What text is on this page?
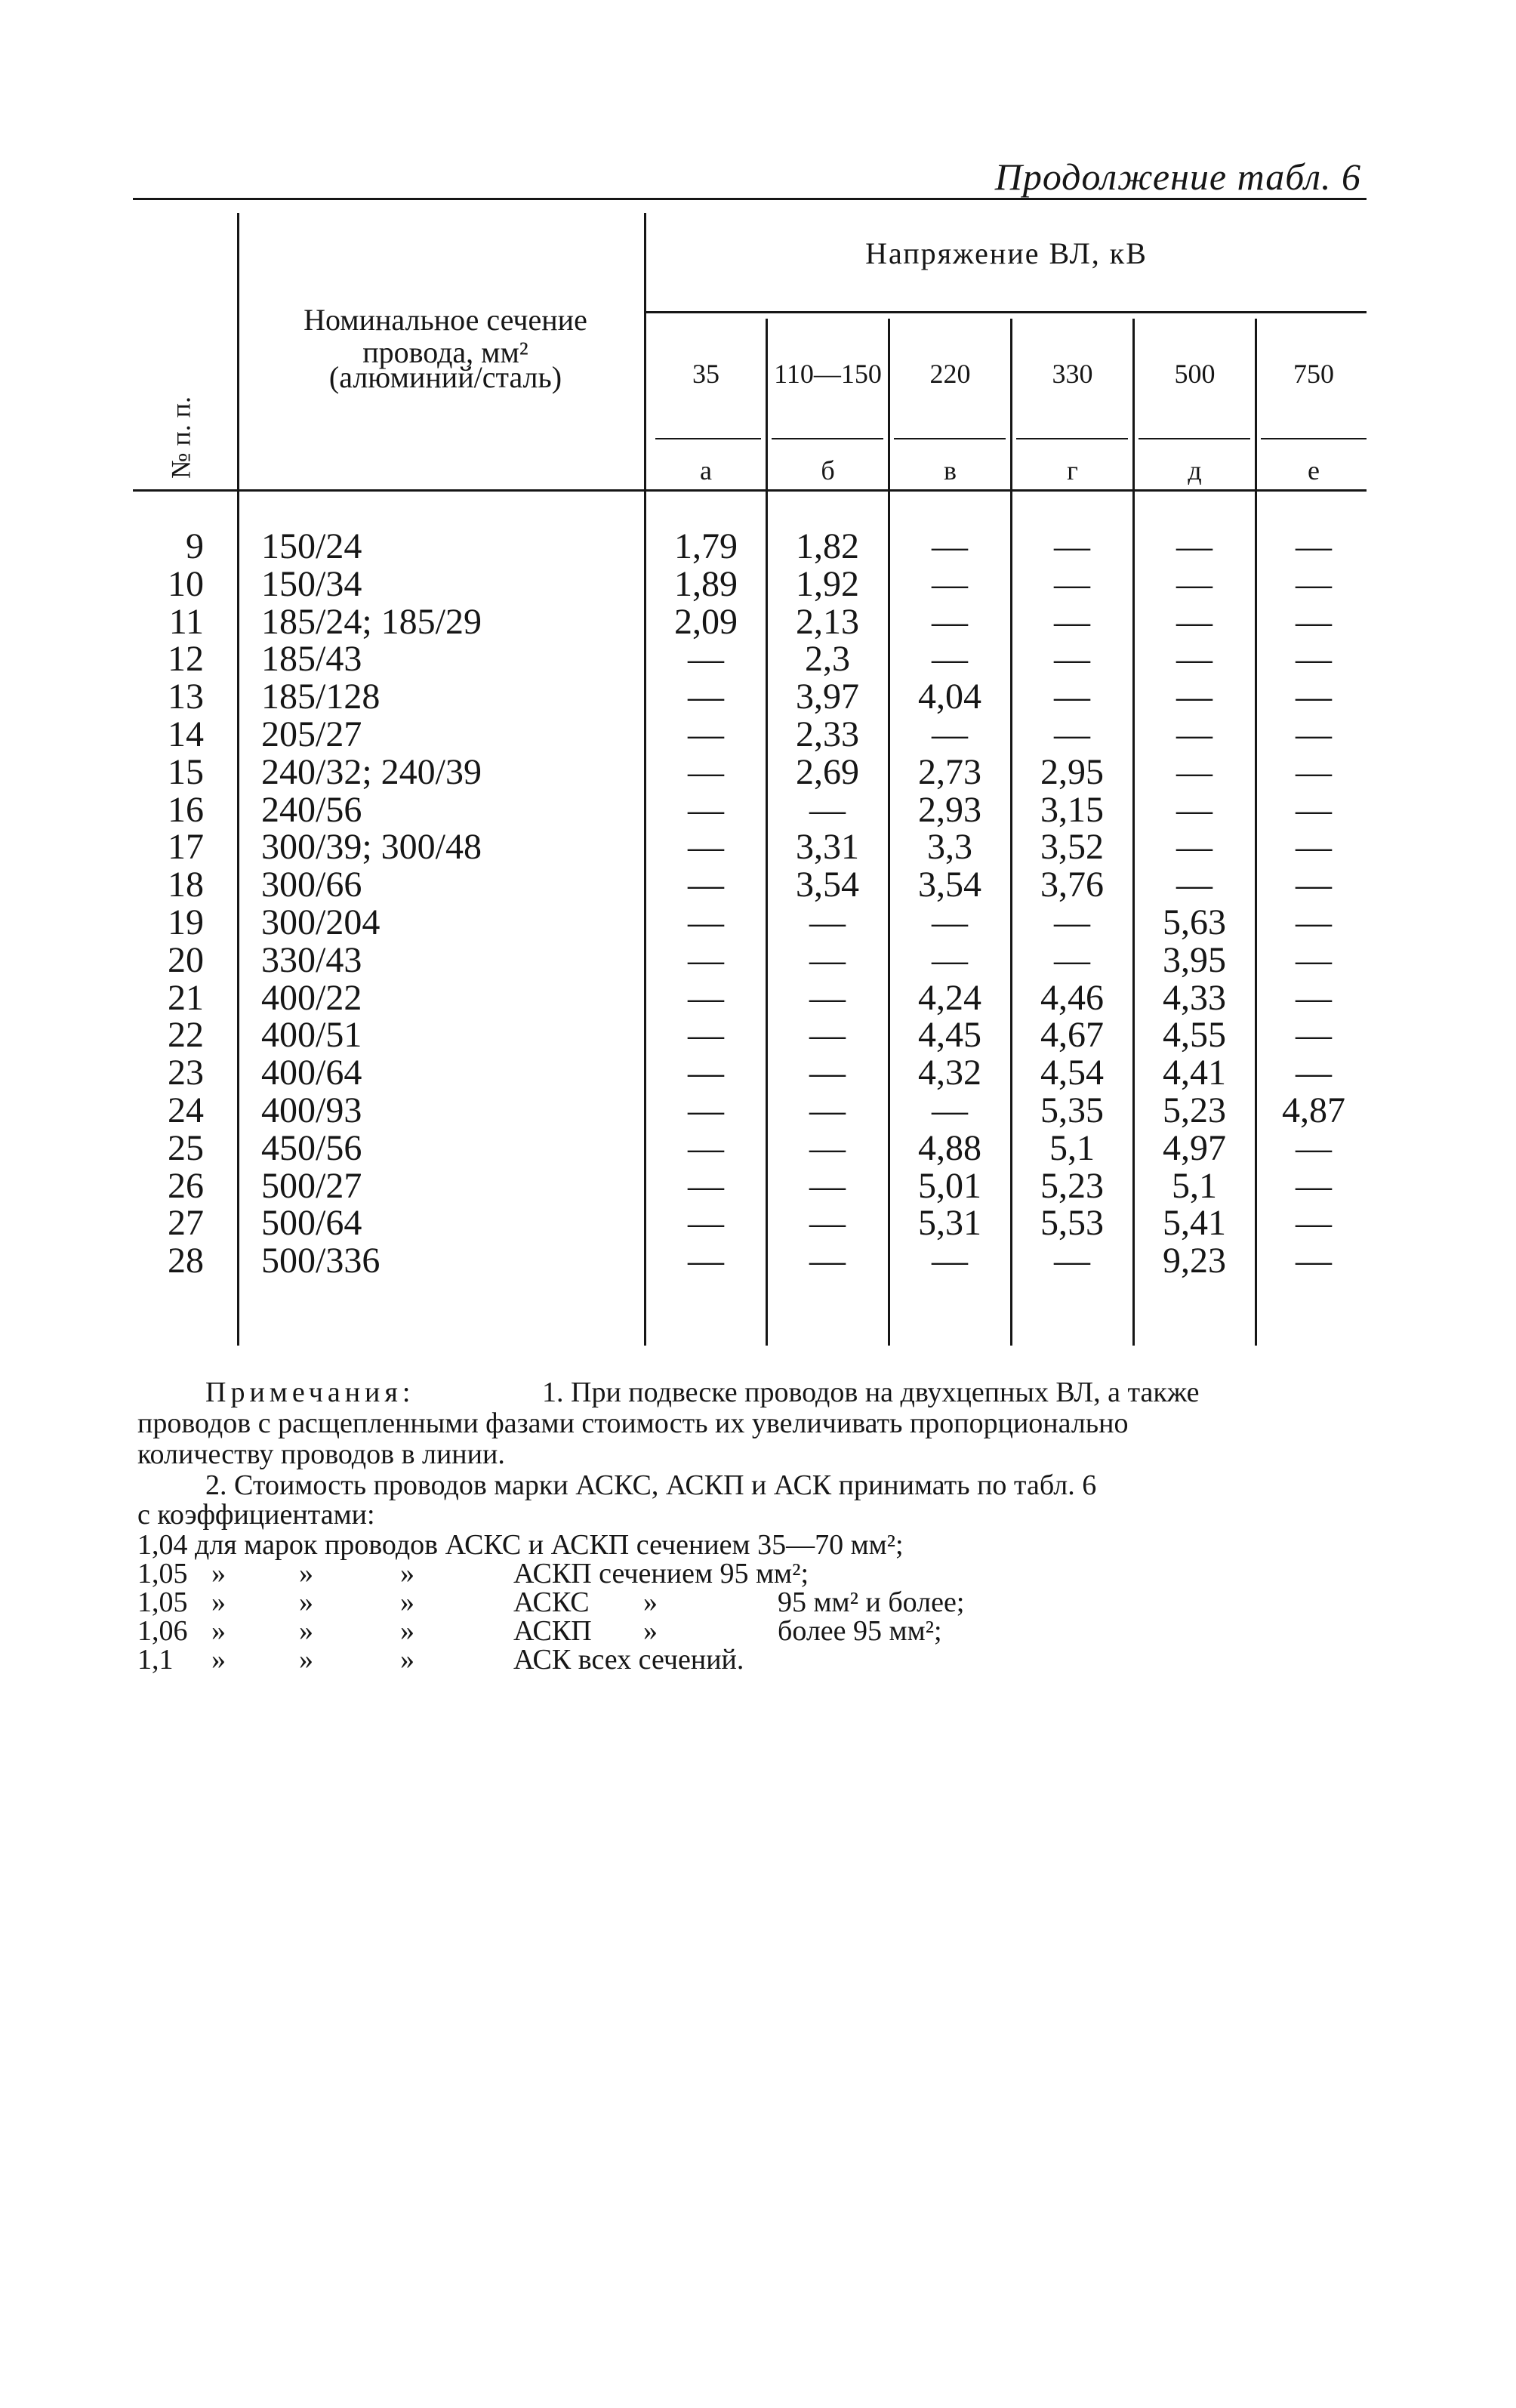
Продолжение табл. 6
№ п. п.
Номинальное сечение провода, мм²
(алюминий/сталь)
Напряжение ВЛ, кВ
35	110—150	220	330	500	750
а	б	в	г	д	е
9 150/24	1,79	1,82	—	—	—	—
10 150/34	1,89	1,92	—	—	—	—
11 185/24; 185/29	2,09	2,13	—	—	—	—
12 185/43	—	2,3	—	—	—	—
13 185/128	—	3,97	4,04	—	—	—
14 205/27	—	2,33	—	—	—	—
15 240/32; 240/39	—	2,69	2,73	2,95	—	—
16 240/56	—	—	2,93	3,15	—	—
17 300/39; 300/48	—	3,31	3,3	3,52	—	—
18 300/66	—	3,54	3,54	3,76	—	—
19 300/204	—	—	—	—	5,63	—
20 330/43	—	—	—	—	3,95	—
21 400/22	—	—	4,24	4,46	4,33	—
22 400/51	—	—	4,45	4,67	4,55	—
23 400/64	—	—	4,32	4,54	4,41	—
24 400/93	—	—	—	5,35	5,23	4,87
25 450/56	—	—	4,88	5,1	4,97	—
26 500/27	—	—	5,01	5,23	5,1	—
27 500/64	—	—	5,31	5,53	5,41	—
28 500/336	—	—	—	—	9,23	—
Примечания:	1. При подвеске проводов на двухцепных ВЛ, а также
проводов с расщепленными фазами стоимость их увеличивать пропорционально
количеству проводов в линии.
2. Стоимость проводов марки АСКС, АСКП и АСК принимать по табл. 6
с коэффициентами:
1,04 для марок проводов АСКС и АСКП сечением 35—70 мм²;
1,05 »	»	»	АСКП сечением 95 мм²;
1,05 »	»	»	АСКС »	95 мм² и более;
1,06 »	»	»	АСКП »	более 95 мм²;
1,1 »	»	»	АСК всех сечений.
